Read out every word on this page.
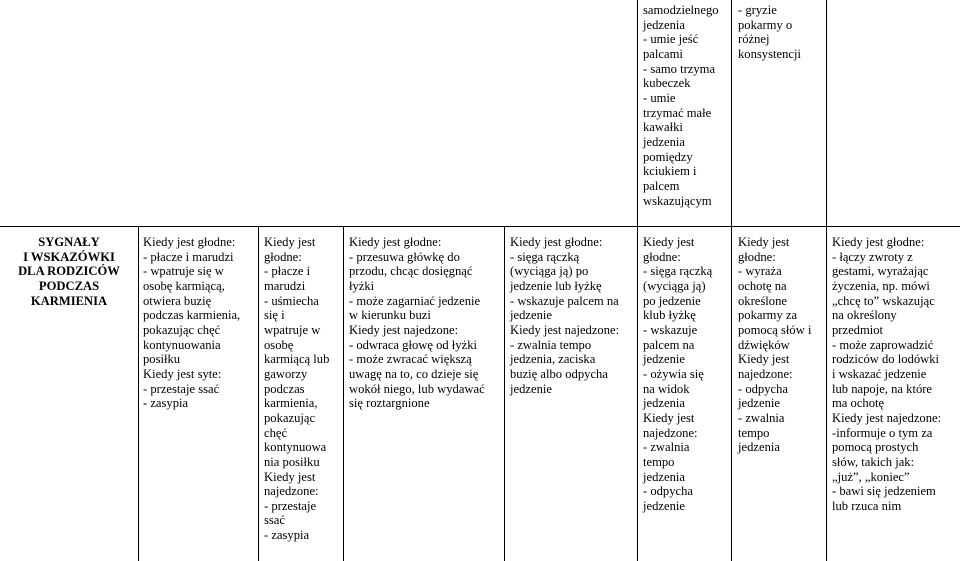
samodzielnego
jedzenia
- umie jeść
palcami
- samo trzyma
kubeczek
- umie
trzymać małe
kawałki
jedzenia
pomiędzy
kciukiem i
palcem
wskazującym

- gryzie
pokarmy o
różnej
konsystencji

SYGNAŁY
I WSKAZÓWKI
DLA RODZICÓW
PODCZAS
KARMIENIA

Kiedy jest głodne:
- płacze i marudzi
- wpatruje się w
osobę karmiącą,
otwiera buzię
podczas karmienia,
pokazując chęć
kontynuowania
posiłku
Kiedy jest syte:
- przestaje ssać
- zasypia

Kiedy jest
głodne:
- płacze i
marudzi
- uśmiecha
się i
wpatruje w
osobę
karmiącą lub
gaworzy
podczas
karmienia,
pokazując
chęć
kontynuowa
nia posiłku
Kiedy jest
najedzone:
- przestaje
ssać
- zasypia

Kiedy jest głodne:
- przesuwa główkę do
przodu, chcąc dosięgnąć
łyżki
- może zagarniać jedzenie
w kierunku buzi
Kiedy jest najedzone:
- odwraca głowę od łyżki
- może zwracać większą
uwagę na to, co dzieje się
wokół niego, lub wydawać
się roztargnione

Kiedy jest głodne:
- sięga rączką
(wyciąga ją) po
jedzenie lub łyżkę
- wskazuje palcem na
jedzenie
Kiedy jest najedzone:
- zwalnia tempo
jedzenia, zaciska
buzię albo odpycha
jedzenie

Kiedy jest
głodne:
- sięga rączką
(wyciąga ją)
po jedzenie
klub łyżkę
- wskazuje
palcem na
jedzenie
- ożywia się
na widok
jedzenia
Kiedy jest
najedzone:
- zwalnia
tempo
jedzenia
- odpycha
jedzenie

Kiedy jest
głodne:
- wyraża
ochotę na
określone
pokarmy za
pomocą słów i
dźwięków
Kiedy jest
najedzone:
- odpycha
jedzenie
- zwalnia
tempo
jedzenia

Kiedy jest głodne:
- łączy zwroty z
gestami, wyrażając
życzenia, np. mówi
„chcę to” wskazując
na określony
przedmiot
- może zaprowadzić
rodziców do lodówki
i wskazać jedzenie
lub napoje, na które
ma ochotę
Kiedy jest najedzone:
-informuje o tym za
pomocą prostych
słów, takich jak:
„już”, „koniec”
- bawi się jedzeniem
lub rzuca nim
